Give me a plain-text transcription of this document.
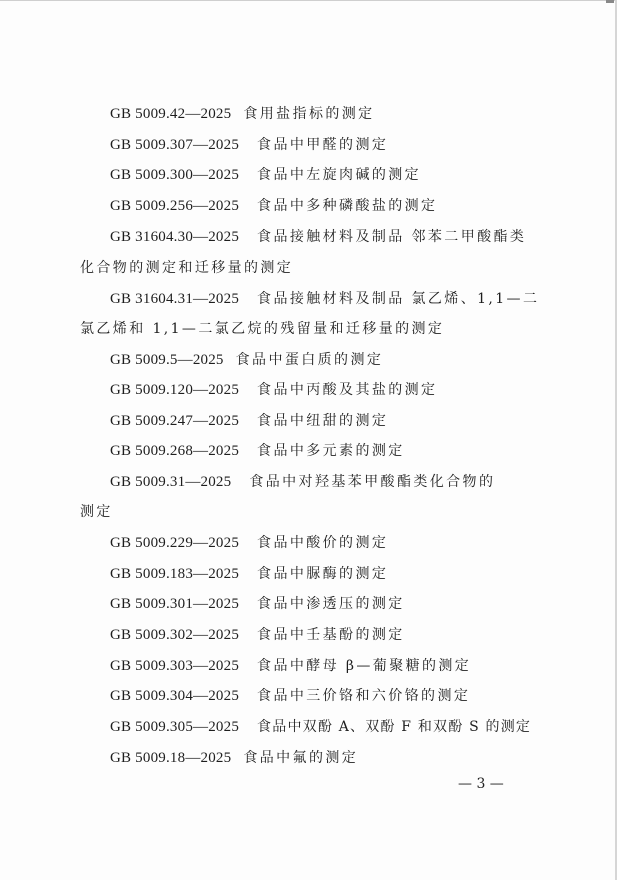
GB 5009.42—2025 食用盐指标的测定
GB 5009.307—2025 食品中甲醛的测定
GB 5009.300—2025 食品中左旋肉碱的测定
GB 5009.256—2025 食品中多种磷酸盐的测定
GB 31604.30—2025 食品接触材料及制品 邻苯二甲酸酯类
化合物的测定和迁移量的测定
GB 31604.31—2025 食品接触材料及制品 氯乙烯、1,1—二
氯乙烯和 1,1—二氯乙烷的残留量和迁移量的测定
GB 5009.5—2025 食品中蛋白质的测定
GB 5009.120—2025 食品中丙酸及其盐的测定
GB 5009.247—2025 食品中纽甜的测定
GB 5009.268—2025 食品中多元素的测定
GB 5009.31—2025 食品中对羟基苯甲酸酯类化合物的
测定
GB 5009.229—2025 食品中酸价的测定
GB 5009.183—2025 食品中脲酶的测定
GB 5009.301—2025 食品中渗透压的测定
GB 5009.302—2025 食品中壬基酚的测定
GB 5009.303—2025 食品中酵母 β—葡聚糖的测定
GB 5009.304—2025 食品中三价铬和六价铬的测定
GB 5009.305—2025 食品中双酚 A、双酚 F 和双酚 S 的测定
GB 5009.18—2025 食品中氟的测定
— 3 —
